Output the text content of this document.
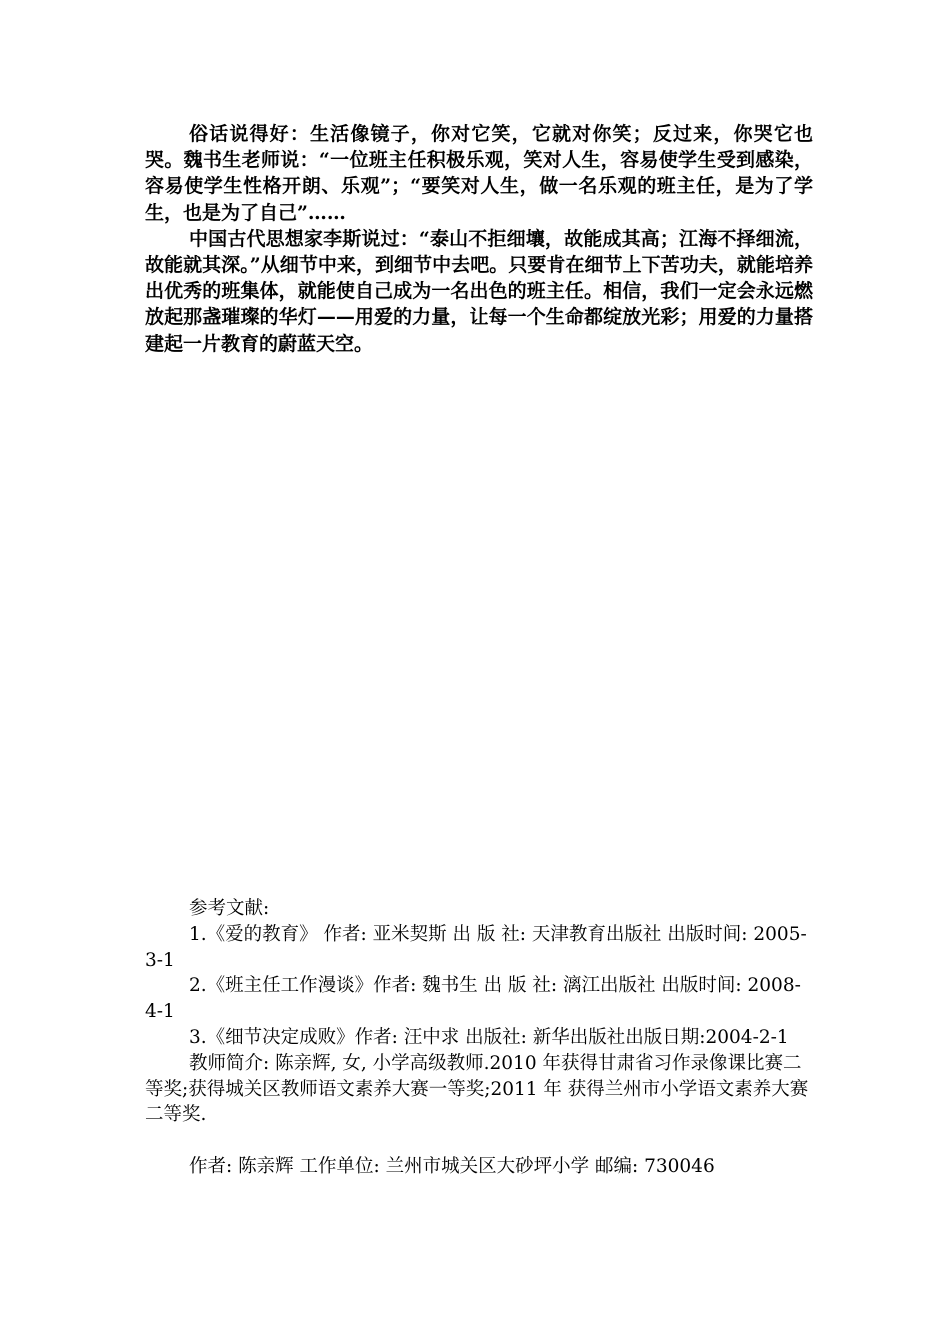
俗话说得好：生活像镜子，你对它笑，它就对你笑；反过来，你哭它也哭。魏书生老师说：“一位班主任积极乐观，笑对人生，容易使学生受到感染，容易使学生性格开朗、乐观”；“要笑对人生，做一名乐观的班主任，是为了学生，也是为了自己”……

中国古代思想家李斯说过：“泰山不拒细壤，故能成其高；江海不择细流，故能就其深。”从细节中来，到细节中去吧。只要肯在细节上下苦功夫，就能培养出优秀的班集体，就能使自己成为一名出色的班主任。相信，我们一定会永远燃放起那盏璀璨的华灯——用爱的力量，让每一个生命都绽放光彩；用爱的力量搭建起一片教育的蔚蓝天空。

参考文献:

1.《爱的教育》 作者: 亚米契斯 出 版 社: 天津教育出版社 出版时间: 2005-3-1

2.《班主任工作漫谈》作者: 魏书生 出 版 社: 漓江出版社 出版时间: 2008-4-1

3.《细节决定成败》作者: 汪中求 出版社: 新华出版社出版日期:2004-2-1

教师简介: 陈亲辉, 女, 小学高级教师.2010 年获得甘肃省习作录像课比赛二等奖;获得城关区教师语文素养大赛一等奖;2011 年 获得兰州市小学语文素养大赛二等奖.

作者: 陈亲辉 工作单位: 兰州市城关区大砂坪小学 邮编: 730046
